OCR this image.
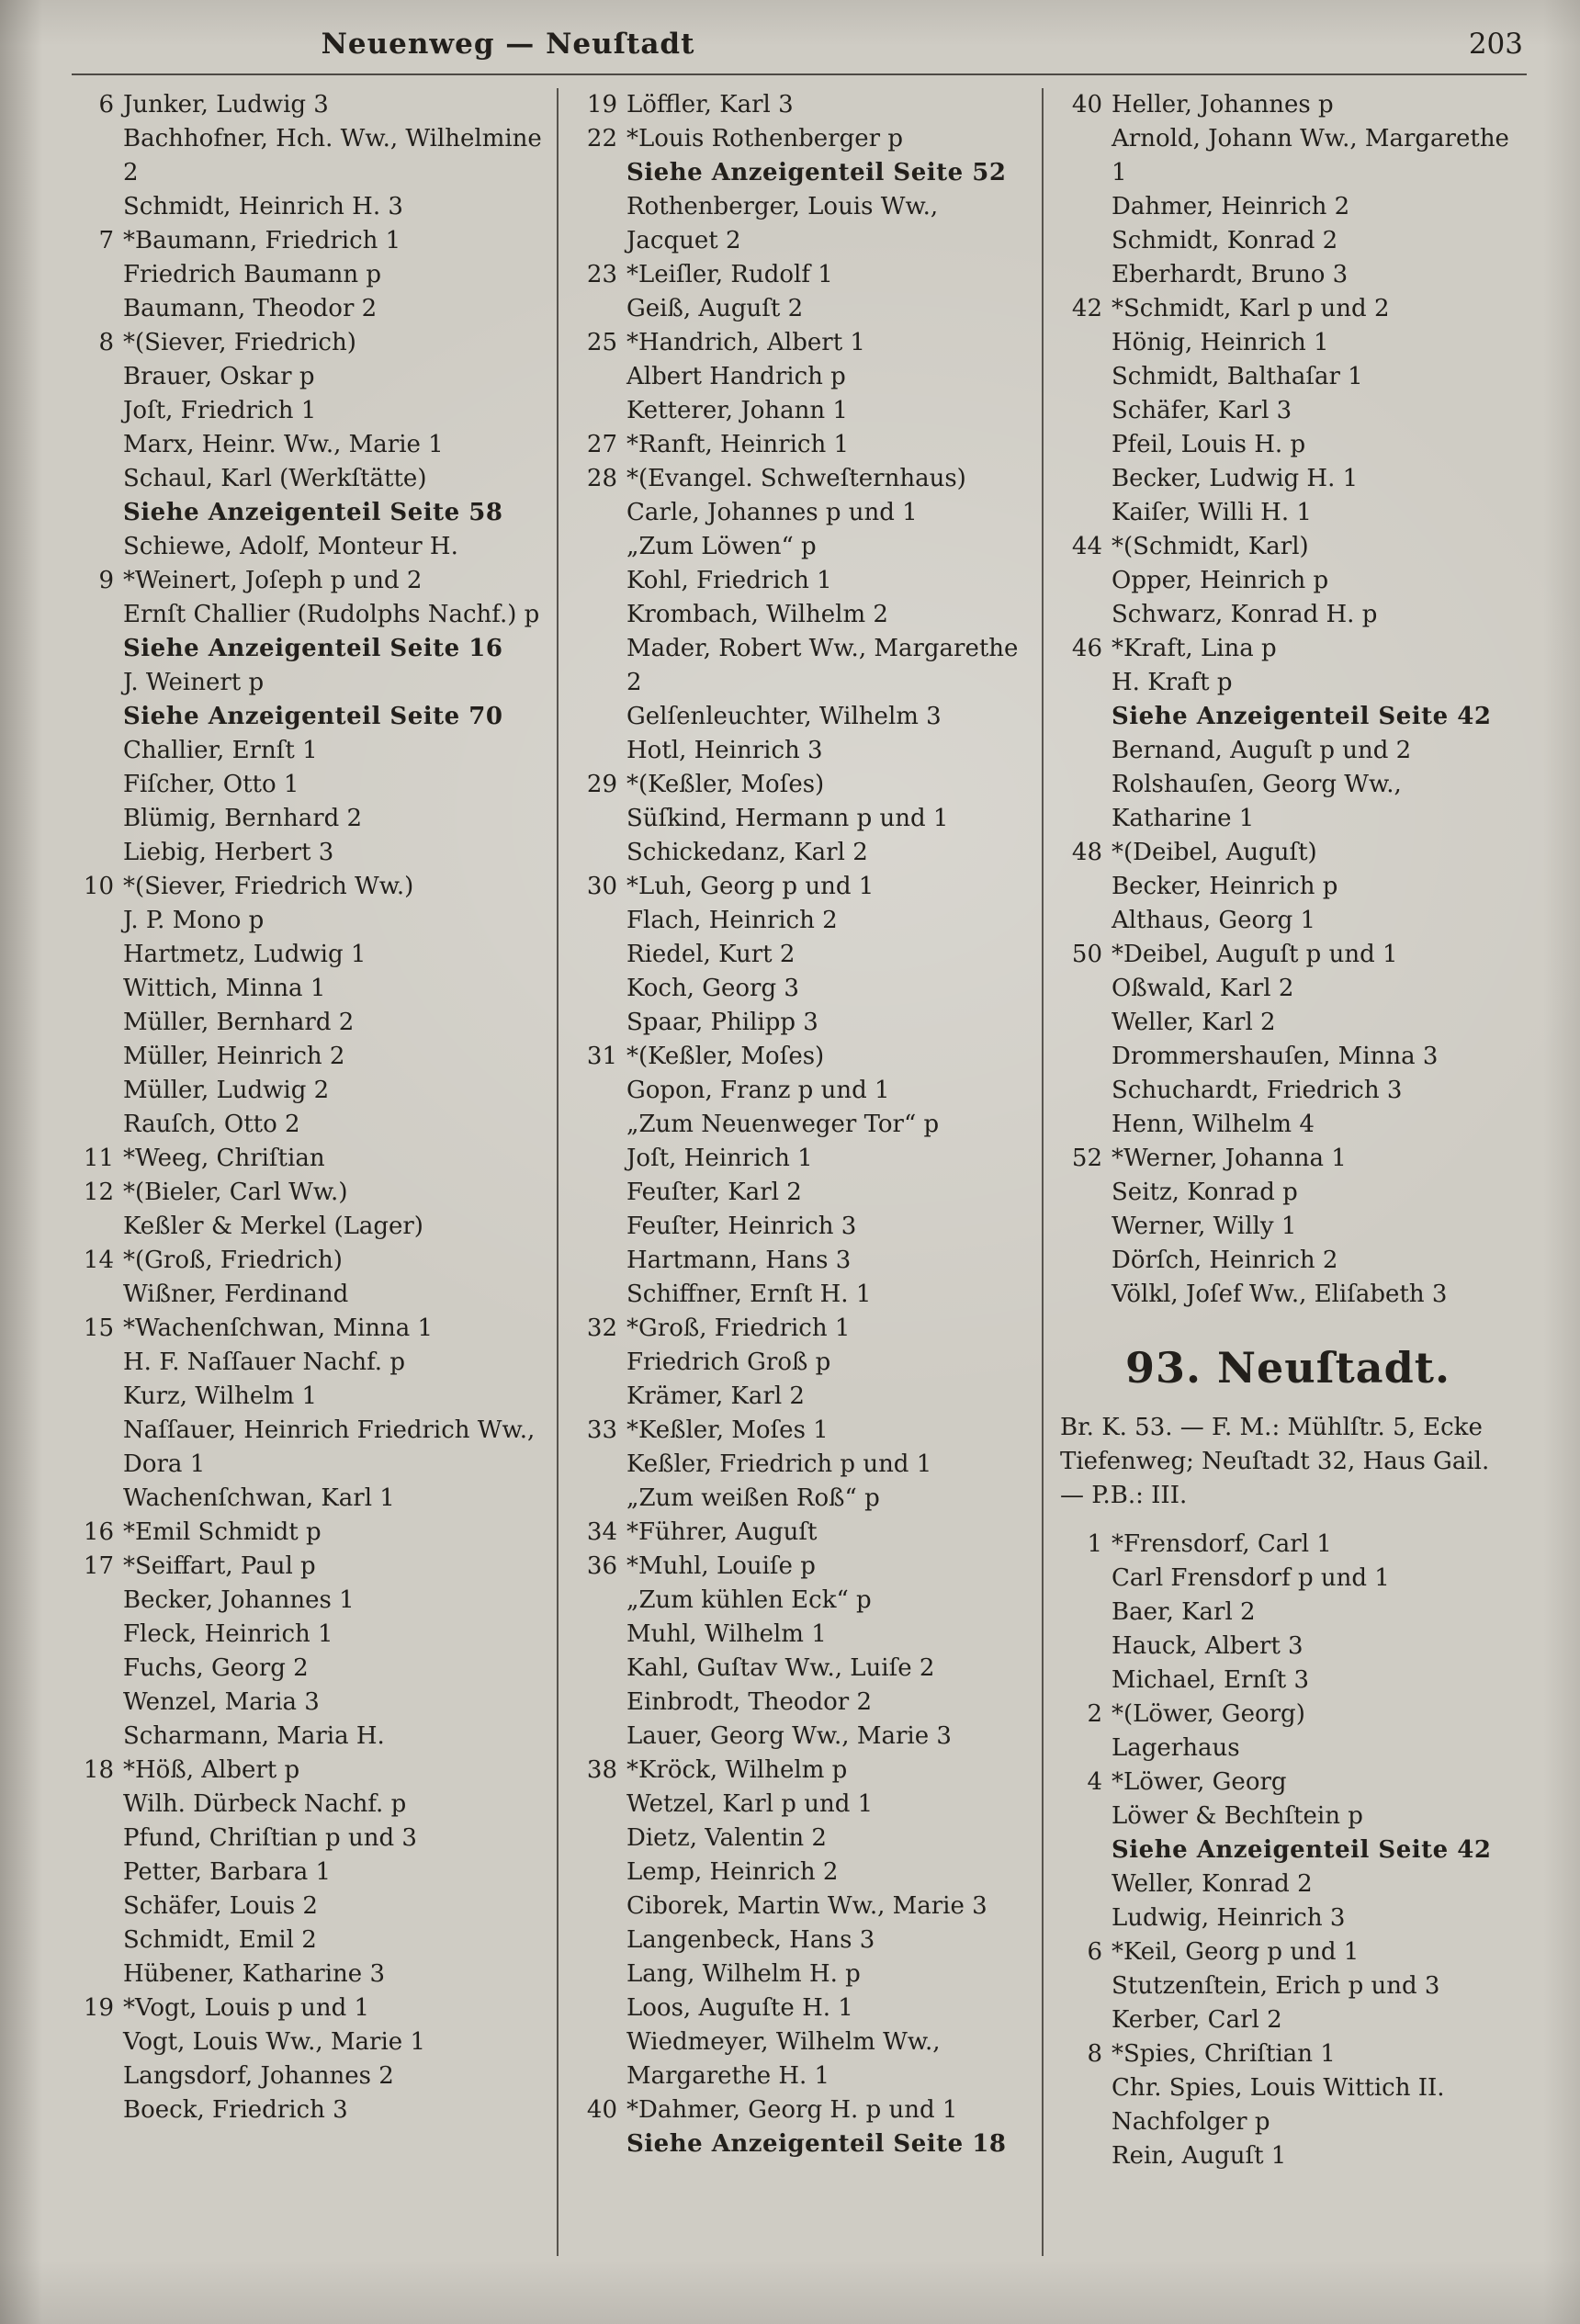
Neuenweg — Neuſtadt	203
6 Junker, Ludwig 3
Bachhofner, Hch. Ww., Wilhelmine 2
Schmidt, Heinrich H. 3
7 *Baumann, Friedrich 1
Friedrich Baumann p
Baumann, Theodor 2
8 *(Siever, Friedrich)
Brauer, Oskar p
Joſt, Friedrich 1
Marx, Heinr. Ww., Marie 1
Schaul, Karl (Werkſtätte)
Siehe Anzeigenteil Seite 58
Schiewe, Adolf, Monteur H.
9 *Weinert, Joſeph p und 2
Ernſt Challier (Rudolphs Nachf.) p
Siehe Anzeigenteil Seite 16
J. Weinert p
Siehe Anzeigenteil Seite 70
Challier, Ernſt 1
Fiſcher, Otto 1
Blümig, Bernhard 2
Liebig, Herbert 3
10 *(Siever, Friedrich Ww.)
J. P. Mono p
Hartmetz, Ludwig 1
Wittich, Minna 1
Müller, Bernhard 2
Müller, Heinrich 2
Müller, Ludwig 2
Rauſch, Otto 2
11 *Weeg, Chriſtian
12 *(Bieler, Carl Ww.)
Keßler & Merkel (Lager)
14 *(Groß, Friedrich)
Wißner, Ferdinand
15 *Wachenſchwan, Minna 1
H. F. Naſſauer Nachf. p
Kurz, Wilhelm 1
Naſſauer, Heinrich Friedrich Ww., Dora 1
Wachenſchwan, Karl 1
16 *Emil Schmidt p
17 *Seiffart, Paul p
Becker, Johannes 1
Fleck, Heinrich 1
Fuchs, Georg 2
Wenzel, Maria 3
Scharmann, Maria H.
18 *Höß, Albert p
Wilh. Dürbeck Nachf. p
Pfund, Chriſtian p und 3
Petter, Barbara 1
Schäfer, Louis 2
Schmidt, Emil 2
Hübener, Katharine 3
19 *Vogt, Louis p und 1
Vogt, Louis Ww., Marie 1
Langsdorf, Johannes 2
Boeck, Friedrich 3
19 Löffler, Karl 3
22 *Louis Rothenberger p
Siehe Anzeigenteil Seite 52
Rothenberger, Louis Ww., Jacquet 2
23 *Leiſler, Rudolf 1
Geiß, Auguſt 2
25 *Handrich, Albert 1
Albert Handrich p
Ketterer, Johann 1
27 *Ranft, Heinrich 1
28 *(Evangel. Schweſternhaus)
Carle, Johannes p und 1
„Zum Löwen“ p
Kohl, Friedrich 1
Krombach, Wilhelm 2
Mader, Robert Ww., Margarethe 2
Gelſenleuchter, Wilhelm 3
Hotl, Heinrich 3
29 *(Keßler, Moſes)
Süſkind, Hermann p und 1
Schickedanz, Karl 2
30 *Luh, Georg p und 1
Flach, Heinrich 2
Riedel, Kurt 2
Koch, Georg 3
Spaar, Philipp 3
31 *(Keßler, Moſes)
Gopon, Franz p und 1
„Zum Neuenweger Tor“ p
Joſt, Heinrich 1
Feuſter, Karl 2
Feuſter, Heinrich 3
Hartmann, Hans 3
Schiffner, Ernſt H. 1
32 *Groß, Friedrich 1
Friedrich Groß p
Krämer, Karl 2
33 *Keßler, Moſes 1
Keßler, Friedrich p und 1
„Zum weißen Roß“ p
34 *Führer, Auguſt
36 *Muhl, Louiſe p
„Zum kühlen Eck“ p
Muhl, Wilhelm 1
Kahl, Guſtav Ww., Luiſe 2
Einbrodt, Theodor 2
Lauer, Georg Ww., Marie 3
38 *Kröck, Wilhelm p
Wetzel, Karl p und 1
Dietz, Valentin 2
Lemp, Heinrich 2
Ciborek, Martin Ww., Marie 3
Langenbeck, Hans 3
Lang, Wilhelm H. p
Loos, Auguſte H. 1
Wiedmeyer, Wilhelm Ww., Margarethe H. 1
40 *Dahmer, Georg H. p und 1
Siehe Anzeigenteil Seite 18
40 Heller, Johannes p
Arnold, Johann Ww., Margarethe 1
Dahmer, Heinrich 2
Schmidt, Konrad 2
Eberhardt, Bruno 3
42 *Schmidt, Karl p und 2
Hönig, Heinrich 1
Schmidt, Balthaſar 1
Schäfer, Karl 3
Pfeil, Louis H. p
Becker, Ludwig H. 1
Kaiſer, Willi H. 1
44 *(Schmidt, Karl)
Opper, Heinrich p
Schwarz, Konrad H. p
46 *Kraft, Lina p
H. Kraft p
Siehe Anzeigenteil Seite 42
Bernand, Auguſt p und 2
Rolshauſen, Georg Ww., Katharine 1
48 *(Deibel, Auguſt)
Becker, Heinrich p
Althaus, Georg 1
50 *Deibel, Auguſt p und 1
Oßwald, Karl 2
Weller, Karl 2
Drommershauſen, Minna 3
Schuchardt, Friedrich 3
Henn, Wilhelm 4
52 *Werner, Johanna 1
Seitz, Konrad p
Werner, Willy 1
Dörſch, Heinrich 2
Völkl, Joſef Ww., Eliſabeth 3
93. Neuſtadt.
Br. K. 53. — F. M.: Mühlſtr. 5, Ecke Tiefenweg; Neuſtadt 32, Haus Gail. — P.B.: III.
1 *Frensdorf, Carl 1
Carl Frensdorf p und 1
Baer, Karl 2
Hauck, Albert 3
Michael, Ernſt 3
2 *(Löwer, Georg)
Lagerhaus
4 *Löwer, Georg
Löwer & Bechſtein p
Siehe Anzeigenteil Seite 42
Weller, Konrad 2
Ludwig, Heinrich 3
6 *Keil, Georg p und 1
Stutzenſtein, Erich p und 3
Kerber, Carl 2
8 *Spies, Chriſtian 1
Chr. Spies, Louis Wittich II. Nachfolger p
Rein, Auguſt 1
